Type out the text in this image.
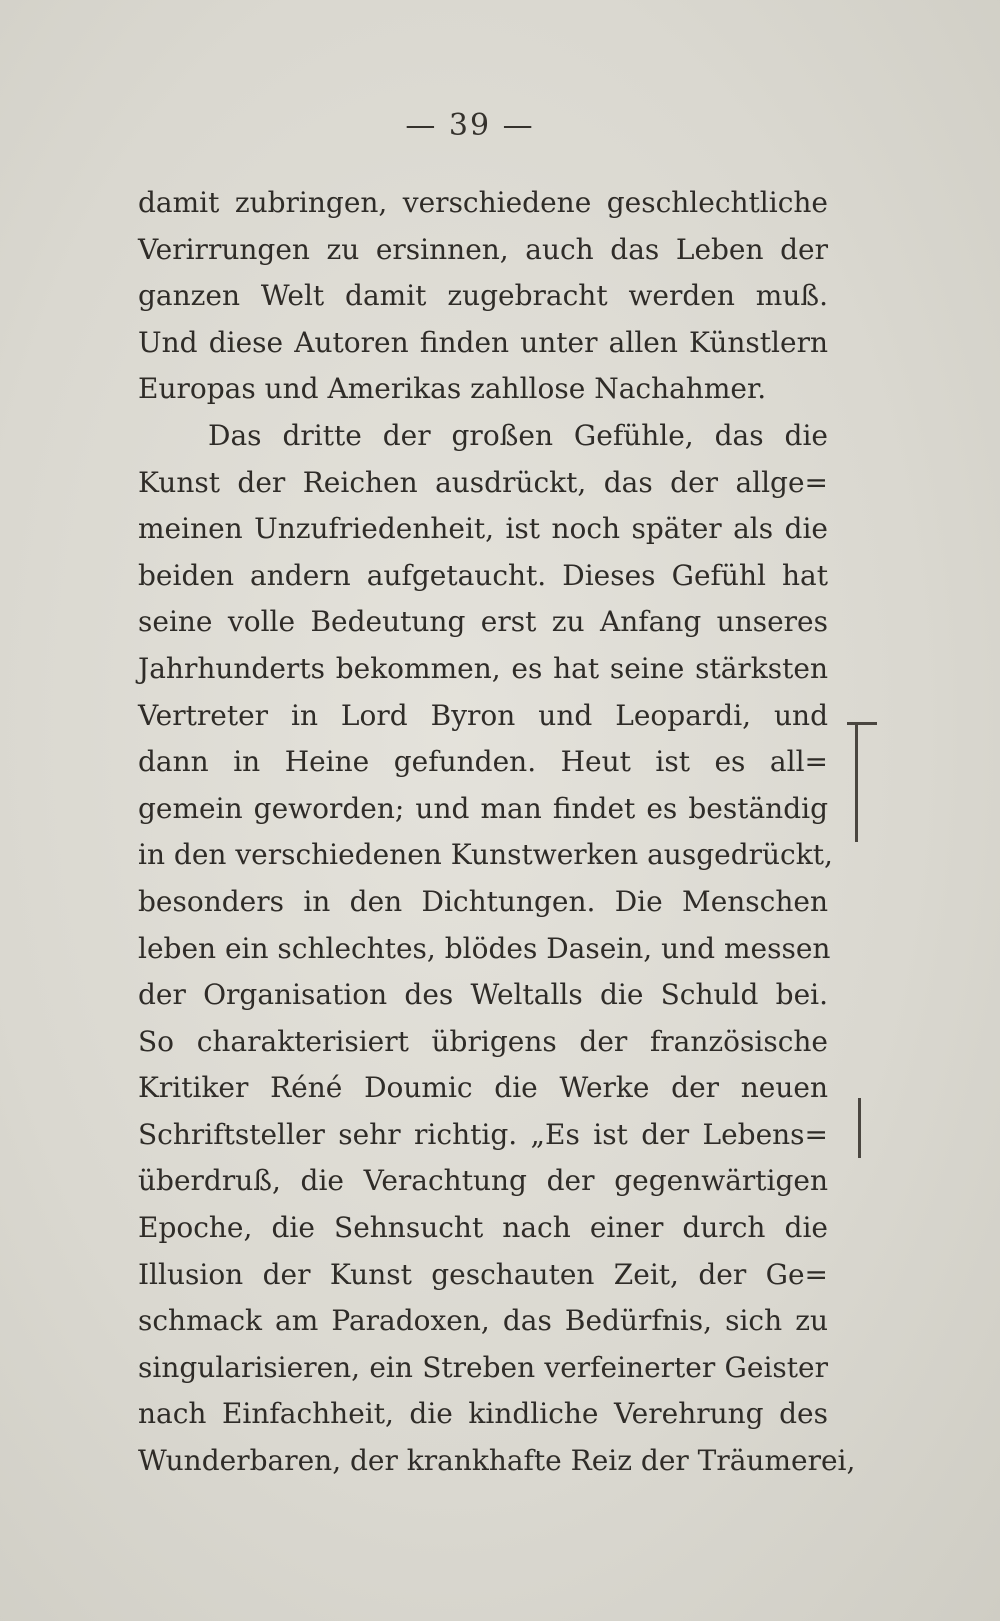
— 39 —
damit zubringen, verschiedene geschlechtliche
Verirrungen zu ersinnen, auch das Leben der
ganzen Welt damit zugebracht werden muß.
Und diese Autoren finden unter allen Künstlern
Europas und Amerikas zahllose Nachahmer.
Das dritte der großen Gefühle, das die
Kunst der Reichen ausdrückt, das der allge=
meinen Unzufriedenheit, ist noch später als die
beiden andern aufgetaucht. Dieses Gefühl hat
seine volle Bedeutung erst zu Anfang unseres
Jahrhunderts bekommen, es hat seine stärksten
Vertreter in Lord Byron und Leopardi, und
dann in Heine gefunden. Heut ist es all=
gemein geworden; und man findet es beständig
in den verschiedenen Kunstwerken ausgedrückt,
besonders in den Dichtungen. Die Menschen
leben ein schlechtes, blödes Dasein, und messen
der Organisation des Weltalls die Schuld bei.
So charakterisiert übrigens der französische
Kritiker Réné Doumic die Werke der neuen
Schriftsteller sehr richtig. „Es ist der Lebens=
überdruß, die Verachtung der gegenwärtigen
Epoche, die Sehnsucht nach einer durch die
Illusion der Kunst geschauten Zeit, der Ge=
schmack am Paradoxen, das Bedürfnis, sich zu
singularisieren, ein Streben verfeinerter Geister
nach Einfachheit, die kindliche Verehrung des
Wunderbaren, der krankhafte Reiz der Träumerei,
